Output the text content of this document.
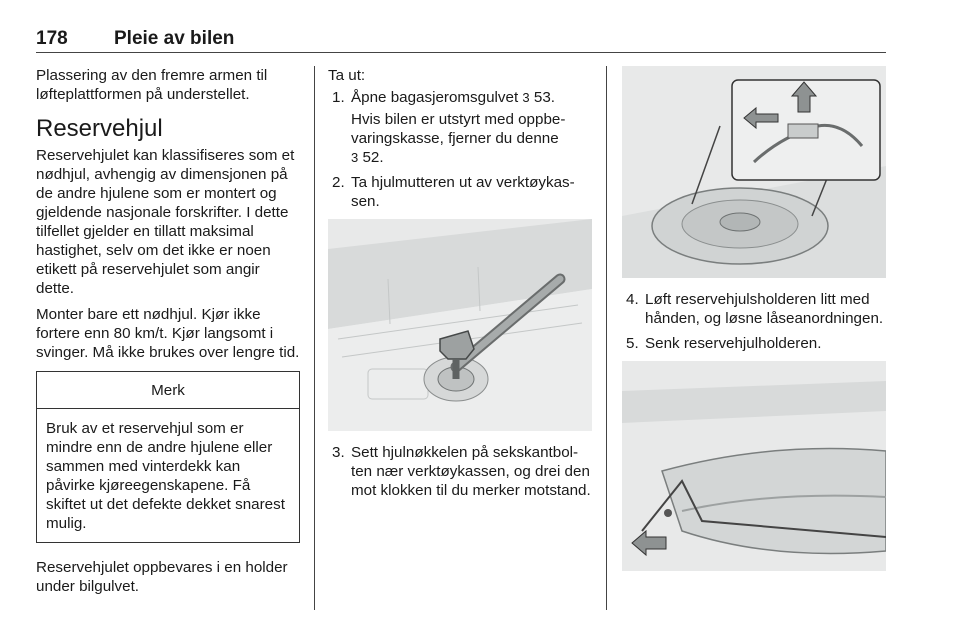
178 Pleie av bilen

Plassering av den fremre armen til løfteplattformen på understellet.

Reservehjul

Reservehjulet kan klassifiseres som et nødhjul, avhengig av dimensjonen på de andre hjulene som er montert og gjeldende nasjonale forskrifter. I dette tilfellet gjelder en tillatt maksimal hastighet, selv om det ikke er noen etikett på reservehjulet som angir dette.

Monter bare ett nødhjul. Kjør ikke fortere enn 80 km/t. Kjør langsomt i svinger. Må ikke brukes over lengre tid.

Merk
Bruk av et reservehjul som er mindre enn de andre hjulene eller sammen med vinterdekk kan påvirke kjøreegenskapene. Få skiftet ut det defekte dekket snarest mulig.

Reservehjulet oppbevares i en holder under bilgulvet.

Ta ut:

1. Åpne bagasjeromsgulvet 3 53.
Hvis bilen er utstyrt med oppbevaringskasse, fjerner du denne
3 52.
2. Ta hjulmutteren ut av verktøykassen.
3. Sett hjulnøkkelen på sekskantbolten nær verktøykassen, og drei den mot klokken til du merker motstand.
4. Løft reservehjulsholderen litt med hånden, og løsne låseanordningen.
5. Senk reservehjulholderen.
